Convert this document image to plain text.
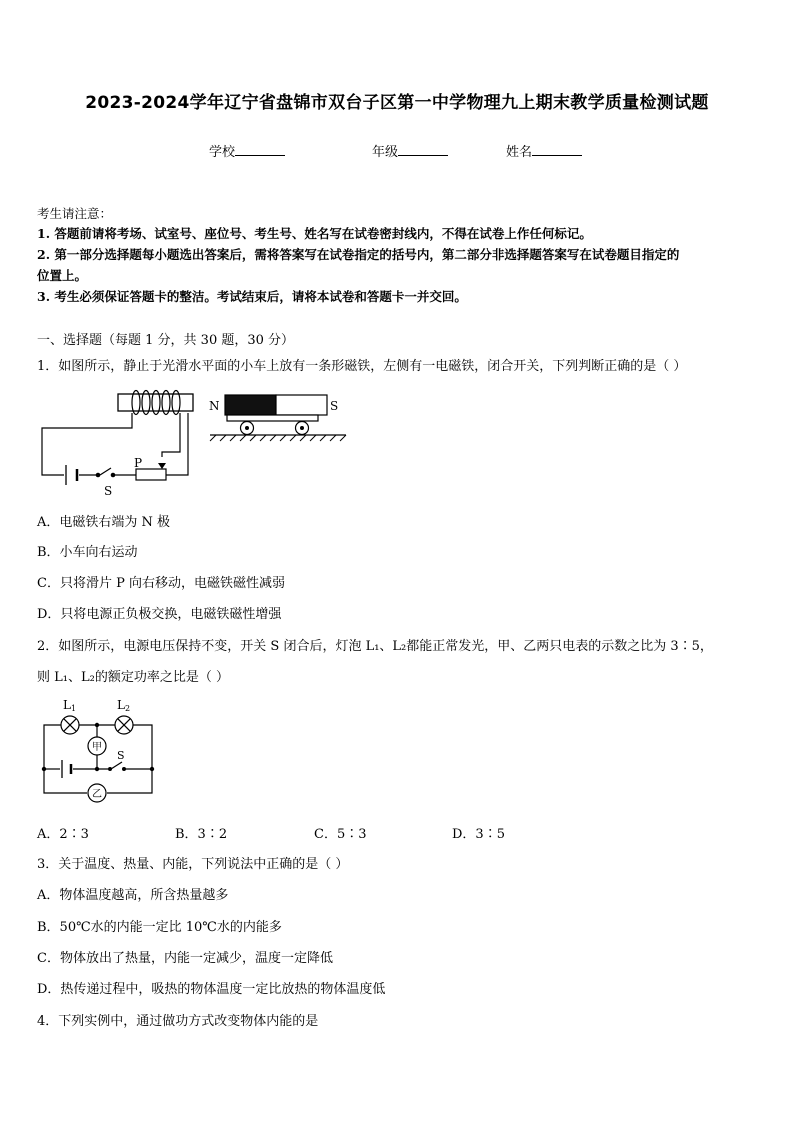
2023-2024学年辽宁省盘锦市双台子区第一中学物理九上期末教学质量检测试题
学校	年级	姓名
考生请注意：
1. 答题前请将考场、试室号、座位号、考生号、姓名写在试卷密封线内，不得在试卷上作任何标记。
2. 第一部分选择题每小题选出答案后，需将答案写在试卷指定的括号内，第二部分非选择题答案写在试卷题目指定的
位置上。
3. 考生必须保证答题卡的整洁。考试结束后，请将本试卷和答题卡一并交回。
一、选择题（每题 1 分，共 30 题，30 分）
1．如图所示，静止于光滑水平面的小车上放有一条形磁铁，左侧有一电磁铁，闭合开关，下列判断正确的是（ ）
P
S
N	S
A．电磁铁右端为 N 极
B．小车向右运动
C．只将滑片 P 向右移动，电磁铁磁性减弱
D．只将电源正负极交换，电磁铁磁性增强
2．如图所示，电源电压保持不变，开关 S 闭合后，灯泡 L₁、L₂都能正常发光，甲、乙两只电表的示数之比为 3∶5，
则 L₁、L₂的额定功率之比是（ ）
L1	L2
甲
乙
S
A．2∶3	B．3∶2	C．5∶3	D．3∶5
3．关于温度、热量、内能，下列说法中正确的是（ ）
A．物体温度越高，所含热量越多
B．50℃水的内能一定比 10℃水的内能多
C．物体放出了热量，内能一定减少，温度一定降低
D．热传递过程中，吸热的物体温度一定比放热的物体温度低
4．下列实例中，通过做功方式改变物体内能的是
